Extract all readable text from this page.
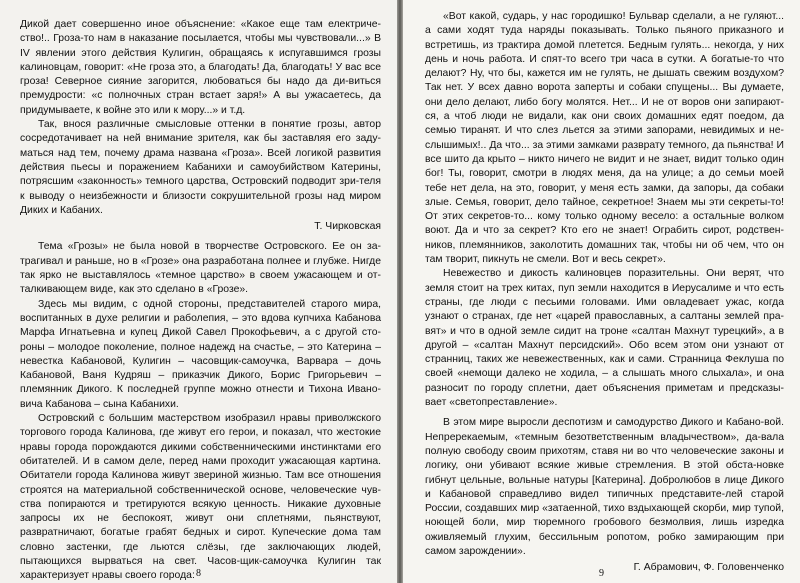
Дикой дает совершенно иное объяснение: «Какое еще там електриче-ство!.. Гроза-то нам в наказание посылается, чтобы мы чувствовали...» В IV явлении этого действия Кулигин, обращаясь к испугавшимся грозы калиновцам, говорит: «Не гроза это, а благодать! Да, благодать! У вас все гроза! Северное сияние загорится, любоваться бы надо да ди-виться премудрости: «с полночных стран встает заря!» А вы ужасаетесь, да придумываете, к войне это или к мору...» и т.д.

Так, внося различные смысловые оттенки в понятие грозы, автор сосредотачивает на ней внимание зрителя, как бы заставляя его заду-маться над тем, почему драма названа «Гроза». Всей логикой развития действия пьесы и поражением Кабанихи и самоубийством Катерины, потрясшим «законность» темного царства, Островский подводит зри-теля к выводу о неизбежности и близости сокрушительной грозы над миром Диких и Кабаних.

Т. Чирковская

Тема «Грозы» не была новой в творчестве Островского. Ее он за-трагивал и раньше, но в «Грозе» она разработана полнее и глубже. Нигде так ярко не выставлялось «темное царство» в своем ужасающем и от-талкивающем виде, как это сделано в «Грозе».

Здесь мы видим, с одной стороны, представителей старого мира, воспитанных в духе религии и раболепия, – это вдова купчиха Кабанова Марфа Игнатьевна и купец Дикой Савел Прокофьевич, а с другой сто-роны – молодое поколение, полное надежд на счастье, – это Катерина – невестка Кабановой, Кулигин – часовщик-самоучка, Варвара – дочь Кабановой, Ваня Кудряш – приказчик Дикого, Борис Григорьевич – племянник Дикого. К последней группе можно отнести и Тихона Ивано-вича Кабанова – сына Кабанихи.

Островский с большим мастерством изобразил нравы приволжского торгового города Калинова, где живут его герои, и показал, что жестокие нравы города порождаются дикими собственническими инстинктами его обитателей. И в самом деле, перед нами проходит ужасающая картина. Обитатели города Калинова живут звериной жизнью. Там все отношения строятся на материальной собственнической основе, человеческие чув-ства попираются и третируются всякую ценность. Никакие духовные запросы их не беспокоят, живут они сплетнями, пьянствуют, развратничают, богатые грабят бедных и сирот. Купеческие дома там словно застенки, где льются слёзы, где заключающих людей, пытающихся вырваться на свет. Часов-щик-самоучка Кулигин так характеризует нравы своего города: 8

«Вот какой, сударь, у нас городишко! Бульвар сделали, а не гуляют... а сами ходят туда наряды показывать. Только пьяного приказного и встретишь, из трактира домой плетется. Бедным гулять... некогда, у них день и ночь работа. И спят-то всего три часа в сутки. А богатые-то что делают? Ну, что бы, кажется им не гулять, не дышать свежим воздухом? Так нет. У всех давно ворота заперты и собаки спущены... Вы думаете, они дело делают, либо богу молятся. Нет... И не от воров они запирают-ся, а чтоб люди не видали, как они своих домашних едят поедом, да семью тиранят. И что слез льется за этими запорами, невидимых и не-слышимых!.. Да что... за этими замками разврату темного, да пьянства! И все шито да крыто – никто ничего не видит и не знает, видит только один бог! Ты, говорит, смотри в людях меня, да на улице; а до семьи моей тебе нет дела, на это, говорит, у меня есть замки, да запоры, да собаки злые. Семья, говорит, дело тайное, секретное! Знаем мы эти секреты-то! От этих секретов-то... кому только одному весело: а остальные волком воют. Да и что за секрет? Кто его не знает! Ограбить сирот, родствен-ников, племянников, заколотить домашних так, чтобы ни об чем, что он там творит, пикнуть не смели. Вот и весь секрет».

Невежество и дикость калиновцев поразительны. Они верят, что земля стоит на трех китах, пуп земли находится в Иерусалиме и что есть страны, где люди с песьими головами. Ими овладевает ужас, когда узнают о странах, где нет «царей православных, а салтаны землей пра-вят» и что в одной земле сидит на троне «салтан Махнут турецкий», а в другой – «салтан Махнут персидский». Обо всем этом они узнают от странниц, таких же невежественных, как и сами. Странница Феклуша по своей «немощи далеко не ходила, – а слышать много слыхала», и она разносит по городу сплетни, дает объяснения приметам и предсказы-вает «светопреставление».

В этом мире выросли деспотизм и самодурство Дикого и Кабано-вой. Непререкаемым, «темным безответственным владычеством», да-вала полную свободу своим прихотям, ставя ни во что человеческие законы и логику, они убивают всякие живые стремления. В этой обста-новке гибнут цельные, вольные натуры [Катерина]. Добролюбов в лице Дикого и Кабановой справедливо видел типичных представите-лей старой России, создавших мир «затаенной, тихо вздыхающей скорби, мир тупой, ноющей боли, мир тюремного гробового безмолвия, лишь изредка оживляемый глухим, бессильным ропотом, робко замирающим при самом зарождении».

Г. Абрамович, Ф. Головенченко
9
